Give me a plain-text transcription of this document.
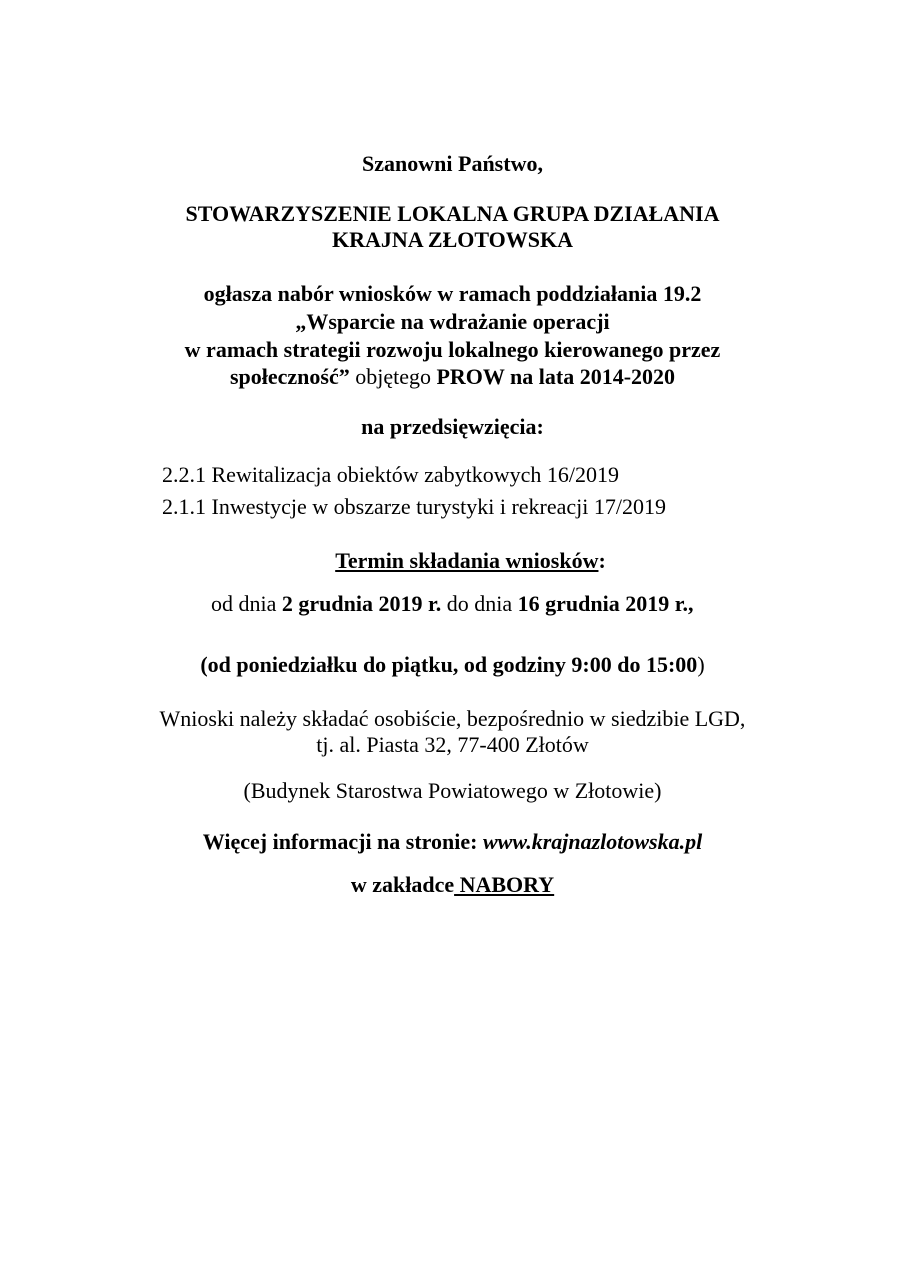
Szanowni Państwo,
STOWARZYSZENIE LOKALNA GRUPA DZIAŁANIA
KRAJNA ZŁOTOWSKA
ogłasza nabór wniosków w ramach poddziałania 19.2
„Wsparcie na wdrażanie operacji
w ramach strategii rozwoju lokalnego kierowanego przez
społeczność” objętego PROW na lata 2014-2020
na przedsięwzięcia:
2.2.1 Rewitalizacja obiektów zabytkowych 16/2019
2.1.1 Inwestycje w obszarze turystyki i rekreacji 17/2019
Termin składania wniosków:
od dnia 2 grudnia 2019 r. do dnia 16 grudnia 2019 r.,
(od poniedziałku do piątku, od godziny 9:00 do 15:00)
Wnioski należy składać osobiście, bezpośrednio w siedzibie LGD,
tj. al. Piasta 32, 77-400 Złotów
(Budynek Starostwa Powiatowego w Złotowie)
Więcej informacji na stronie: www.krajnazlotowska.pl
w zakładce NABORY
